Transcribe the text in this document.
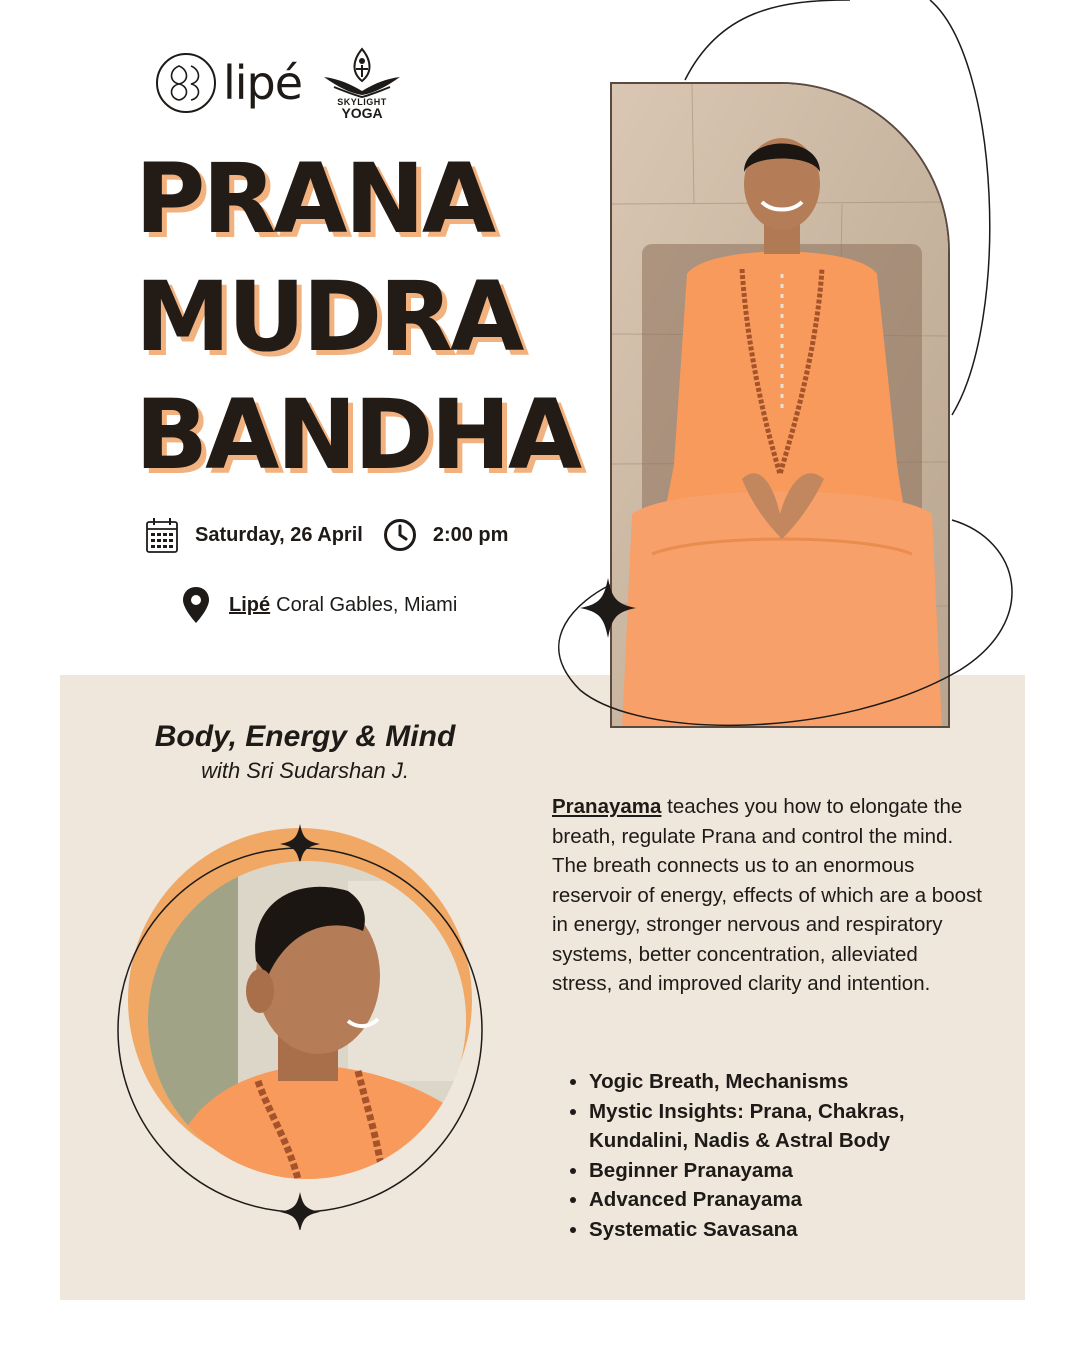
lipé	SKYLIGHT
YOGA
PRANA
MUDRA
BANDHA
Saturday, 26 April	2:00 pm
Lipé Coral Gables, Miami
Body, Energy & Mind
with Sri Sudarshan J.
Pranayama teaches you how to elongate the breath, regulate Prana and control the mind. The breath connects us to an enormous reservoir of energy, effects of which are a boost in energy, stronger nervous and respiratory systems, better concentration, alleviated stress, and improved clarity and intention.
• Yogic Breath, Mechanisms
• Mystic Insights: Prana, Chakras, Kundalini, Nadis & Astral Body
• Beginner Pranayama
• Advanced Pranayama
• Systematic Savasana
